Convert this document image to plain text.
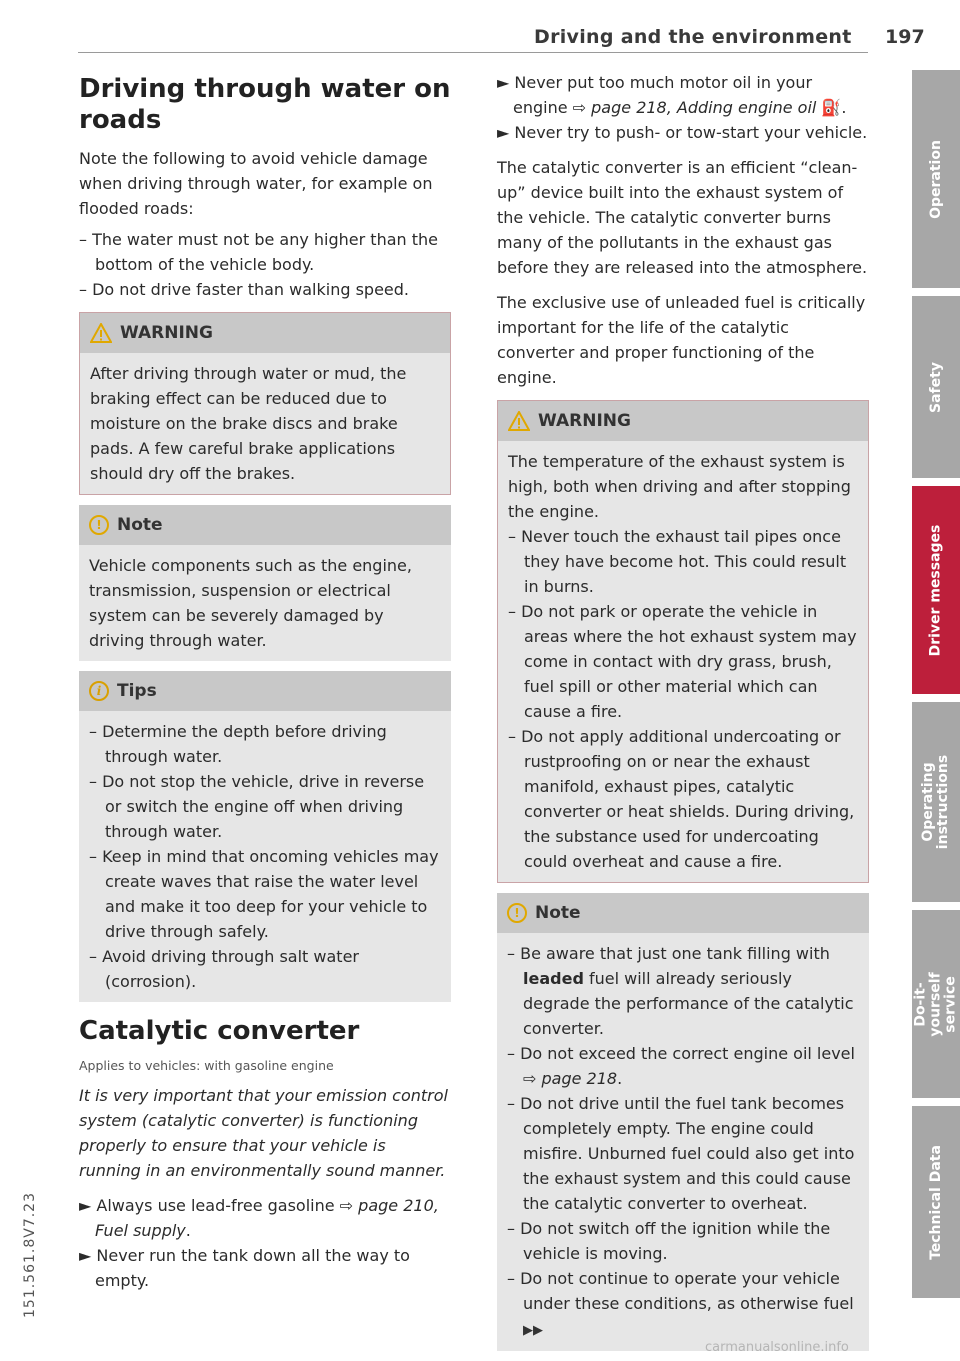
Driving and the environment 197
Driving through water on roads

Note the following to avoid vehicle damage when driving through water, for example on flooded roads:

– The water must not be any higher than the bottom of the vehicle body.

– Do not drive faster than walking speed.

WARNING

After driving through water or mud, the braking effect can be reduced due to moisture on the brake discs and brake pads. A few careful brake applications should dry off the brakes.

! Note

Vehicle components such as the engine, transmission, suspension or electrical system can be severely damaged by driving through water.

i Tips

– Determine the depth before driving through water.

– Do not stop the vehicle, drive in reverse or switch the engine off when driving through water.

– Keep in mind that oncoming vehicles may create waves that raise the water level and make it too deep for your vehicle to drive through safely.

– Avoid driving through salt water (corrosion).

Catalytic converter

Applies to vehicles: with gasoline engine

It is very important that your emission control system (catalytic converter) is functioning properly to ensure that your vehicle is running in an environmentally sound manner.

► Always use lead-free gasoline ⇨ page 210, Fuel supply.

► Never run the tank down all the way to empty.

► Never put too much motor oil in your engine ⇨ page 218, Adding engine oil ⛽.

► Never try to push- or tow-start your vehicle.

The catalytic converter is an efficient “clean-up” device built into the exhaust system of the vehicle. The catalytic converter burns many of the pollutants in the exhaust gas before they are released into the atmosphere.

The exclusive use of unleaded fuel is critically important for the life of the catalytic converter and proper functioning of the engine.

WARNING

The temperature of the exhaust system is high, both when driving and after stopping the engine.

– Never touch the exhaust tail pipes once they have become hot. This could result in burns.

– Do not park or operate the vehicle in areas where the hot exhaust system may come in contact with dry grass, brush, fuel spill or other material which can cause a fire.

– Do not apply additional undercoating or rustproofing on or near the exhaust manifold, exhaust pipes, catalytic converter or heat shields. During driving, the substance used for undercoating could overheat and cause a fire.

! Note

– Be aware that just one tank filling with leaded fuel will already seriously degrade the performance of the catalytic converter.

– Do not exceed the correct engine oil level ⇨ page 218.

– Do not drive until the fuel tank becomes completely empty. The engine could misfire. Unburned fuel could also get into the exhaust system and this could cause the catalytic converter to overheat.

– Do not switch off the ignition while the vehicle is moving.

– Do not continue to operate your vehicle under these conditions, as otherwise fuel ▶▶

Operation
Safety
Driver messages
Operating instructions
Do-it-yourself service
Technical Data
151.561.8V7.23
carmanualsonline.info
